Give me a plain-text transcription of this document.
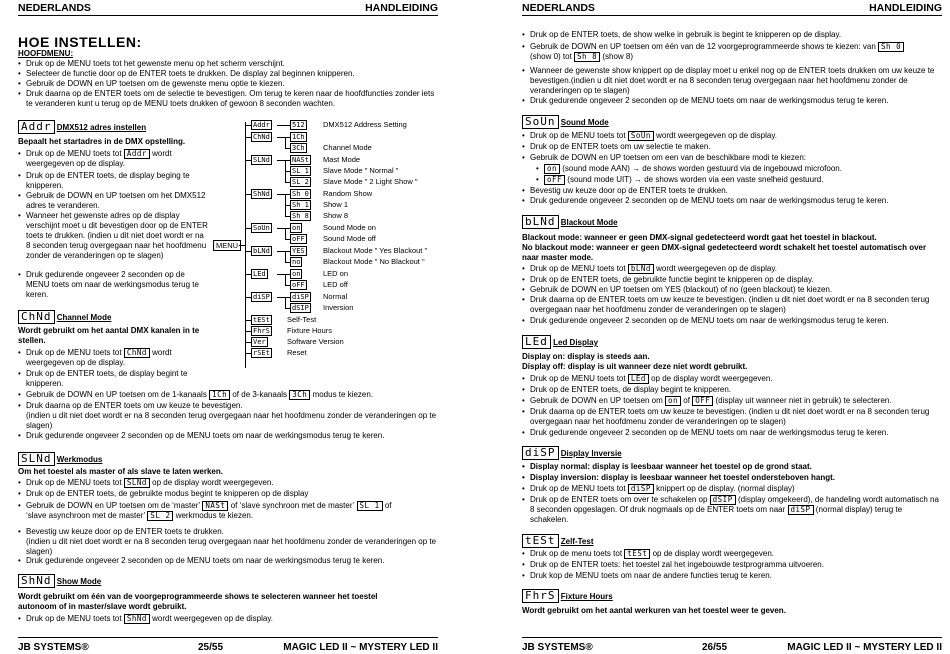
NEDERLANDS	HANDLEIDING
HOE INSTELLEN:
HOOFDMENU:
• Druk op de MENU toets tot het gewenste menu op het scherm verschijnt.
• Selecteer de functie door op de ENTER toets te drukken. De display zal beginnen knipperen.
• Gebruik de DOWN en UP toetsen om de gewenste menu optie te kiezen.
• Druk daarna op de ENTER toets om de selectie te bevestigen. Om terug te keren naar de hoofdfuncties zonder iets te veranderen kunt u terug op de MENU toets drukken of gewoon 8 seconden wachten.
Addr DMX512 adres instellen
Bepaalt het startadres in de DMX opstelling.
• Druk op de MENU toets tot Addr wordt weergegeven op de display.
• Druk op de ENTER toets, de display beging te knipperen.
• Gebruik de DOWN en UP toetsen om het DMX512 adres te veranderen.
• Wanneer het gewenste adres op de display verschijnt moet u dit bevestigen door op de ENTER toets te drukken. (indien u dit niet doet wordt er na 8 seconden terug overgegaan naar het hoofdmenu zonder de veranderingen op te slagen)
• Druk gedurende ongeveer 2 seconden op de MENU toets om naar de werkingsmodus terug te keren.
ChNd Channel Mode
Wordt gebruikt om het aantal DMX kanalen in te stellen.
• Druk op de MENU toets tot ChNd wordt weergegeven op de display.
• Druk op de ENTER toets, de display begint te knipperen.
• Gebruik de DOWN en UP toetsen om de 1-kanaals 1Ch of de 3-kanaals 3Ch modus te kiezen.
• Druk daarna op de ENTER toets om uw keuze te bevestigen.
(indien u dit niet doet wordt er na 8 seconden terug overgegaan naar het hoofdmenu zonder de veranderingen op te slagen)
• Druk gedurende ongeveer 2 seconden op de MENU toets om naar de werkingsmodus terug te keren.
SLNd Werkmodus
Om het toestel als master of als slave te laten werken.
• Druk op de MENU toets tot SLNd op de display wordt weergegeven.
• Druk op de ENTER toets, de gebruikte modus begint te knipperen op de display
• Gebruik de DOWN en UP toetsen om de ‘master’ NASt of ‘slave synchroon met de master’ SL 1 of
‘slave asynchroon met de master’ SL 2 werkmodus te kiezen.
• Bevestig uw keuze door op de ENTER toets te drukken.
(indien u dit niet doet wordt er na 8 seconden terug overgegaan naar het hoofdmenu zonder de veranderingen op te slagen)
• Druk gedurende ongeveer 2 seconden op de MENU toets om naar de werkingsmodus terug te keren.
ShNd Show Mode
Wordt gebruikt om één van de voorgeprogrammeerde shows te selecteren wanneer het toestel autonoom of in master/slave wordt gebruikt.
• Druk op de MENU toets tot ShNd wordt weergegeven op de display.
MENU
Addr	512 DMX512 Address Setting
ChNd	1Ch
3Ch Channel Mode
SLNd	NASt Mast Mode
SL 1 Slave Mode " Normal "
SL 2 Slave Mode " 2 Light Show "
ShNd	Sh 0 Random Show
Sh 1 Show 1
Sh 8 Show 8
SoUn	on	Sound Mode on
oFF Sound Mode off
bLNd	YES Blackout Mode " Yes Blackout "
no	Blackout Mode " No Blackout "
LEd	on	LED on
oFF LED off
diSP	diSP Normal
dSIP Inversion
tESt Self-Test
FhrS Fixture Hours
Ver	Software Version
rSEt Reset
JB SYSTEMS®	25/55	MAGIC LED II ~ MYSTERY LED II
NEDERLANDS	HANDLEIDING
• Druk op de ENTER toets, de show welke in gebruik is begint te knipperen op de display.
• Gebruik de DOWN en UP toetsen om één van de 12 voorgeprogrammeerde shows te kiezen: van Sh 0
(show 0) tot Sh 8 (show 8)
• Wanneer de gewenste show knippert op de display moet u enkel nog op de ENTER toets drukken om uw keuze te bevestigen.(indien u dit niet doet wordt er na 8 seconden terug overgegaan naar het hoofdmenu zonder de veranderingen op te slagen)
• Druk gedurende ongeveer 2 seconden op de MENU toets om naar de werkingsmodus terug te keren.
SoUn Sound Mode
• Druk op de MENU toets tot SoUn wordt weergegeven op de display.
• Druk op de ENTER toets om uw selectie te maken.
• Gebruik de DOWN en UP toetsen om een van de beschikbare modi te kiezen:
• on (sound mode AAN) → de shows worden gestuurd via de ingebouwd microfoon.
• oFF (sound mode UIT) → de shows worden via een vaste snelheid gestuurd.
• Bevestig uw keuze door op de ENTER toets te drukken.
• Druk gedurende ongeveer 2 seconden op de MENU toets om naar de werkingsmodus terug te keren.
bLNd Blackout Mode
Blackout mode: wanneer er geen DMX-signal gedetecteerd wordt gaat het toestel in blackout.
No blackout mode: wanneer er geen DMX-signal gedetecteerd wordt schakelt het toestel automatisch over naar master mode.
• Druk op de MENU toets tot bLNd wordt weergegeven op de display.
• Druk op de ENTER toets, de gebruikte functie begint te knipperen op de display.
• Gebruik de DOWN en UP toetsen om YES (blackout) of no (geen blackout) te kiezen.
• Druk daarna op de ENTER toets om uw keuze te bevestigen. (indien u dit niet doet wordt er na 8 seconden terug overgegaan naar het hoofdmenu zonder de veranderingen op te slagen)
• Druk gedurende ongeveer 2 seconden op de MENU toets om naar de werkingsmodus terug te keren.
LEd Led Display
Display on: display is steeds aan.
Display off: display is uit wanneer deze niet wordt gebruikt.
• Druk op de MENU toets tot LEd op de display wordt weergegeven.
• Druk op de ENTER toets, de display begint te knipperen.
• Gebruik de DOWN en UP toetsen om on of OFF (display uit wanneer niet in gebruik) te selecteren.
• Druk daarna op de ENTER toets om uw keuze te bevestigen. (indien u dit niet doet wordt er na 8 seconden terug overgegaan naar het hoofdmenu zonder de veranderingen op te slagen)
• Druk gedurende ongeveer 2 seconden op de MENU toets om naar de werkingsmodus terug te keren.
diSP Display Inversie
• Display normal: display is leesbaar wanneer het toestel op de grond staat.
• Display inversion: display is leesbaar wanneer het toestel ondersteboven hangt.
• Druk op de MENU toets tot diSP knippert op de display. (normal display)
• Druk op de ENTER toets om over te schakelen op dSIP (display omgekeerd), de handeling wordt automatisch na 8 seconden opgeslagen. Of druk nogmaals op de ENTER toets om naar diSP (normal display) terug te schakelen.
tESt Zelf-Test
• Druk op de menu toets tot tESt op de display wordt weergegeven.
• Druk op de ENTER toets: het toestel zal het ingebouwde testprogramma uitvoeren.
• Druk kop de MENU toets om naar de andere functies terug te keren.
FhrS Fixture Hours
Wordt gebruikt om het aantal werkuren van het toestel weer te geven.
JB SYSTEMS®	26/55	MAGIC LED II ~ MYSTERY LED II
